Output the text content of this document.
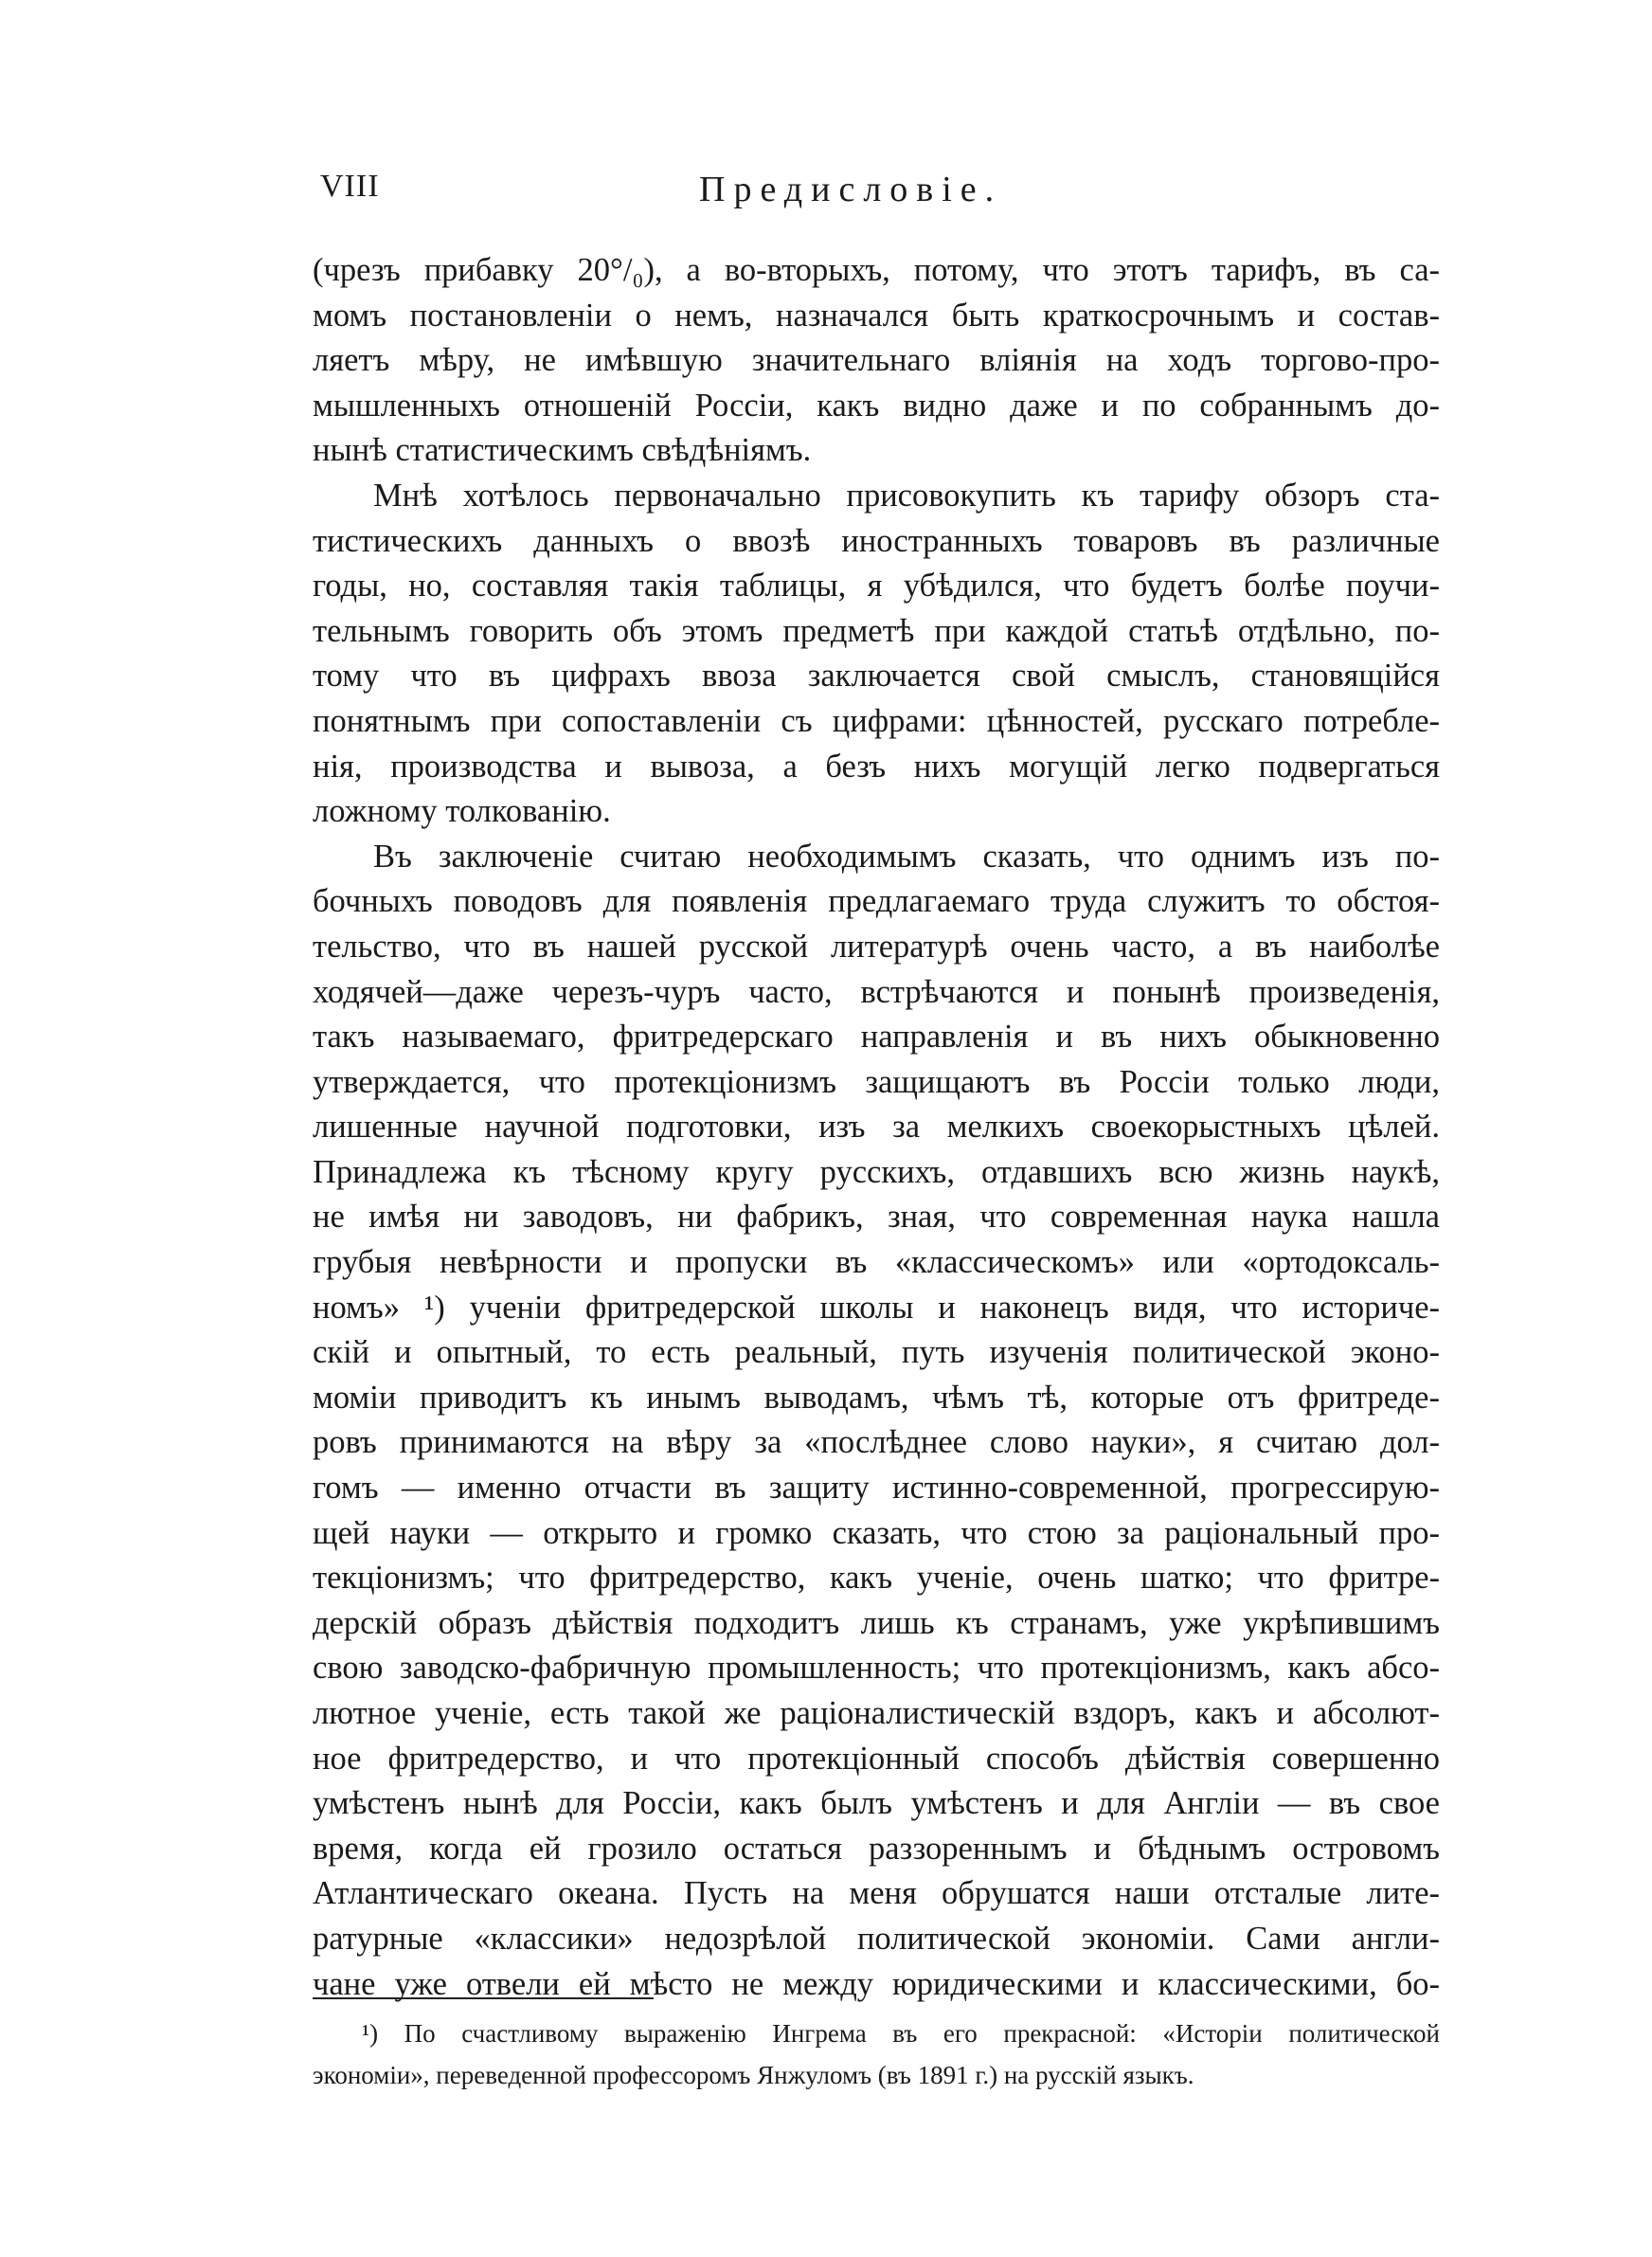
VIII	Предисловіе.
(чрезъ прибавку 20°/₀), а во-вторыхъ, потому, что этотъ тарифъ, въ са-
момъ постановленіи о немъ, назначался быть краткосрочнымъ и состав-
ляетъ мѣру, не имѣвшую значительнаго вліянія на ходъ торгово-про-
мышленныхъ отношеній Россіи, какъ видно даже и по собраннымъ до-
нынѣ статистическимъ свѣдѣніямъ.
Мнѣ хотѣлось первоначально присовокупить къ тарифу обзоръ ста-
тистическихъ данныхъ о ввозѣ иностранныхъ товаровъ въ различные
годы, но, составляя такія таблицы, я убѣдился, что будетъ болѣе поучи-
тельнымъ говорить объ этомъ предметѣ при каждой статьѣ отдѣльно, по-
тому что въ цифрахъ ввоза заключается свой смыслъ, становящійся
понятнымъ при сопоставленіи съ цифрами: цѣнностей, русскаго потребле-
нія, производства и вывоза, а безъ нихъ могущій легко подвергаться
ложному толкованію.
Въ заключеніе считаю необходимымъ сказать, что однимъ изъ по-
бочныхъ поводовъ для появленія предлагаемаго труда служитъ то обстоя-
тельство, что въ нашей русской литературѣ очень часто, а въ наиболѣе
ходячей—даже черезъ-чуръ часто, встрѣчаются и понынѣ произведенія,
такъ называемаго, фритредерскаго направленія и въ нихъ обыкновенно
утверждается, что протекціонизмъ защищаютъ въ Россіи только люди,
лишенные научной подготовки, изъ за мелкихъ своекорыстныхъ цѣлей.
Принадлежа къ тѣсному кругу русскихъ, отдавшихъ всю жизнь наукѣ,
не имѣя ни заводовъ, ни фабрикъ, зная, что современная наука нашла
грубыя невѣрности и пропуски въ «классическомъ» или «ортодоксаль-
номъ» ¹) ученіи фритредерской школы и наконецъ видя, что историче-
скій и опытный, то есть реальный, путь изученія политической эконо-
моміи приводитъ къ инымъ выводамъ, чѣмъ тѣ, которые отъ фритреде-
ровъ принимаются на вѣру за «послѣднее слово науки», я считаю дол-
гомъ — именно отчасти въ защиту истинно-современной, прогрессирую-
щей науки — открыто и громко сказать, что стою за раціональный про-
текціонизмъ; что фритредерство, какъ ученіе, очень шатко; что фритре-
дерскій образъ дѣйствія подходитъ лишь къ странамъ, уже укрѣпившимъ
свою заводско-фабричную промышленность; что протекціонизмъ, какъ абсо-
лютное ученіе, есть такой же раціоналистическій вздоръ, какъ и абсолют-
ное фритредерство, и что протекціонный способъ дѣйствія совершенно
умѣстенъ нынѣ для Россіи, какъ былъ умѣстенъ и для Англіи — въ свое
время, когда ей грозило остаться раззореннымъ и бѣднымъ островомъ
Атлантическаго океана. Пусть на меня обрушатся наши отсталые лите-
ратурные «классики» недозрѣлой политической экономіи. Сами англи-
чане уже отвели ей мѣсто не между юридическими и классическими, бо-
¹) По счастливому выраженію Ингрема въ его прекрасной: «Исторіи политической
экономіи», переведенной профессоромъ Янжуломъ (въ 1891 г.) на русскій языкъ.
